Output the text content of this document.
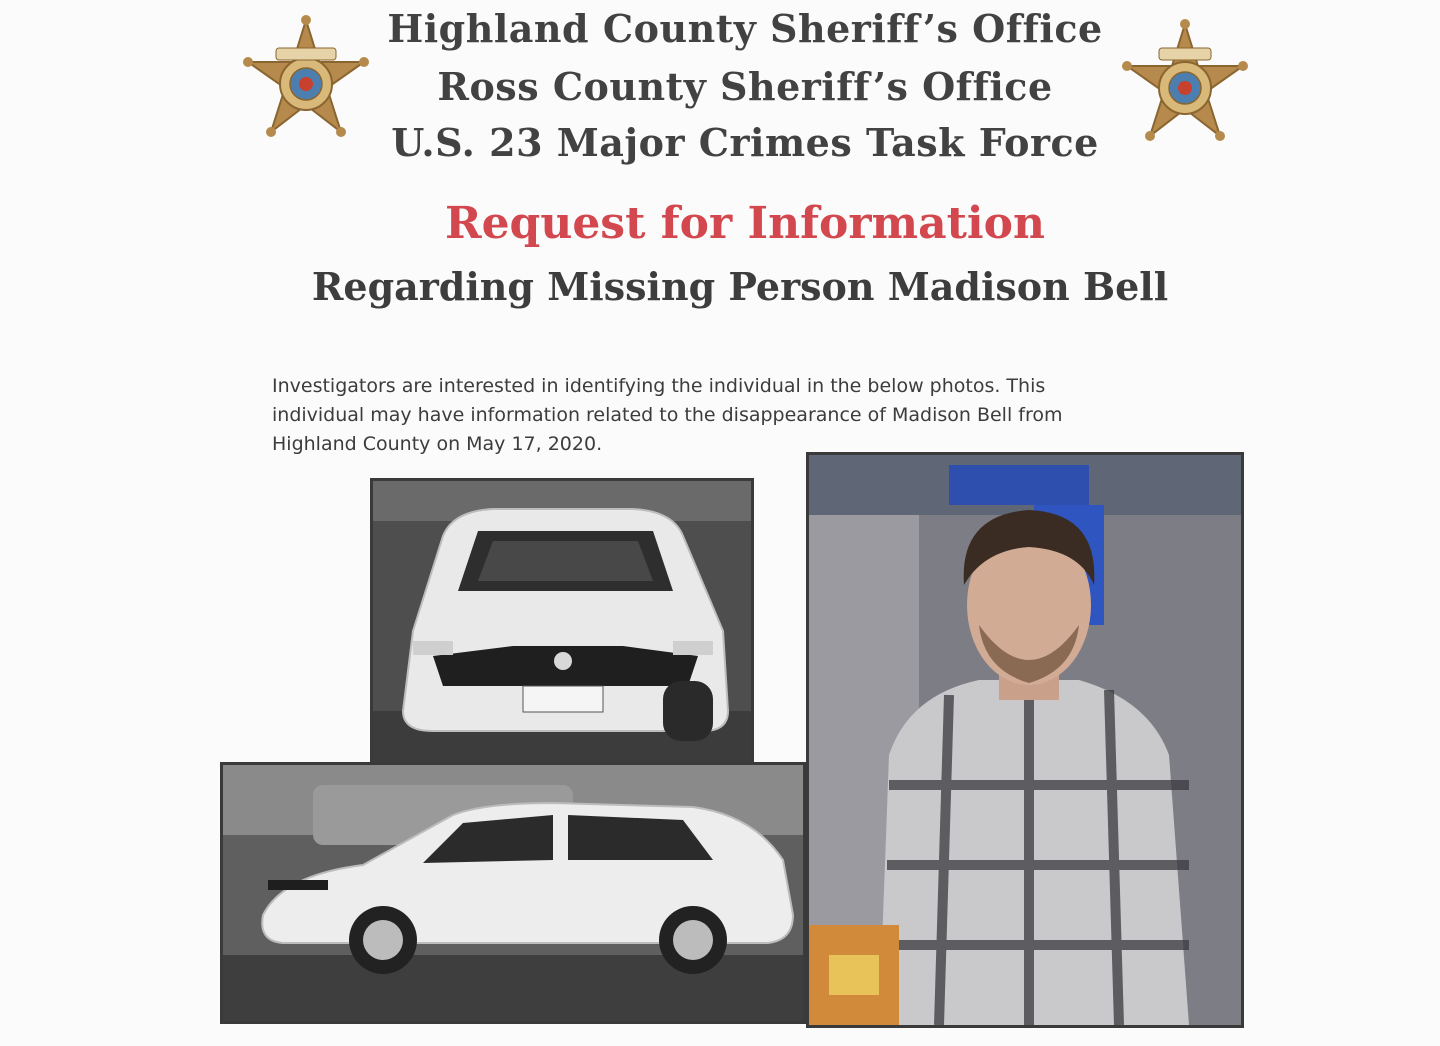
Highland County Sheriff’s Office
Ross County Sheriff’s Office
U.S. 23 Major Crimes Task Force
Request for Information
Regarding Missing Person Madison Bell
Investigators are interested in identifying the individual in the below photos. This
individual may have information related to the disappearance of Madison Bell from
Highland County on May 17, 2020.
